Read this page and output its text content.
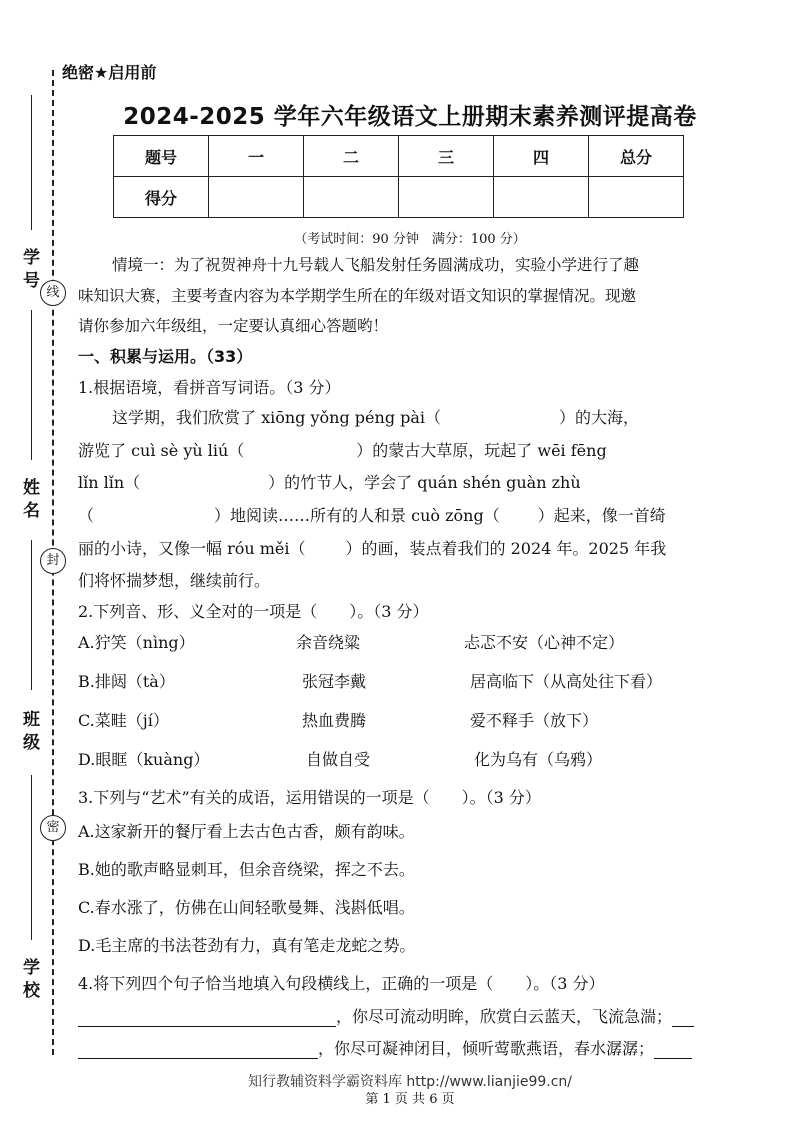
学 号
姓 名
班 级
学 校
线
封
密
绝密★启用前
2024-2025 学年六年级语文上册期末素养测评提高卷
题号	一	二	三	四	总分
得分					
（考试时间：90 分钟　满分：100 分）
情境一：为了祝贺神舟十九号载人飞船发射任务圆满成功，实验小学进行了趣
味知识大赛，主要考查内容为本学期学生所在的年级对语文知识的掌握情况。现邀
请你参加六年级组，一定要认真细心答题哟！
一、积累与运用。（33）
1.根据语境，看拼音写词语。（3 分）
这学期，我们欣赏了 xiōng yǒng péng pài（	）的大海，
游览了 cuì sè yù liú（	）的蒙古大草原，玩起了 wēi fēng
lǐn lǐn（	）的竹节人，学会了 quán shén guàn zhù
（	）地阅读……所有的人和景 cuò zōng（ ）起来，像一首绮
丽的小诗，又像一幅 róu měi（	）的画，装点着我们的 2024 年。2025 年我
们将怀揣梦想，继续前行。
2.下列音、形、义全对的一项是（　　）。（3 分）
A.狞笑（nìng）	余音绕粱	忐忑不安（心神不定）
B.排闼（tà）	张冠李戴	居高临下（从高处往下看）
C.菜畦（jí）	热血费腾	爱不释手（放下）
D.眼眶（kuàng）	自做自受	化为乌有（乌鸦）
3.下列与“艺术”有关的成语，运用错误的一项是（　　）。（3 分）
A.这家新开的餐厅看上去古色古香，颇有韵味。
B.她的歌声略显刺耳，但余音绕梁，挥之不去。
C.春水涨了，仿佛在山间轻歌曼舞、浅斟低唱。
D.毛主席的书法苍劲有力，真有笔走龙蛇之势。
4.将下列四个句子恰当地填入句段横线上，正确的一项是（　　）。（3 分）
，你尽可流动明眸，欣赏白云蓝天，飞流急湍；
，你尽可凝神闭目，倾听莺歌燕语，春水潺潺；
知行教辅资料学霸资料库 http://www.lianjie99.cn/
第 1 页 共 6 页
